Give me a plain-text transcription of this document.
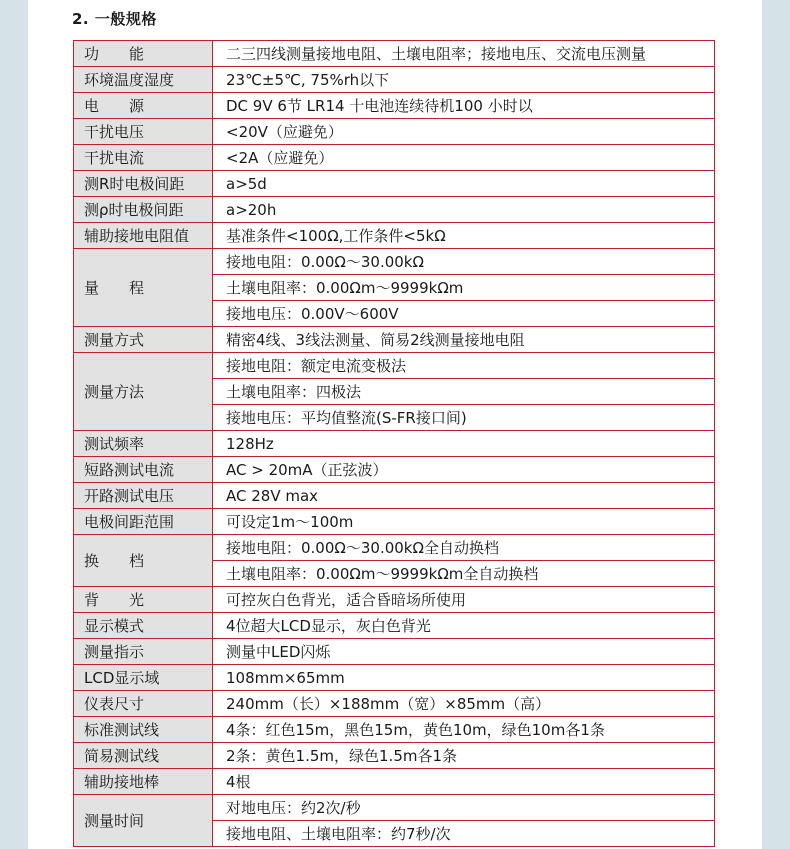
2. 一般规格
功　　能	二三四线测量接地电阻、土壤电阻率；接地电压、交流电压测量
环境温度湿度	23℃±5℃, 75%rh以下
电　　源	DC 9V 6节 LR14 十电池连续待机100 小时以
干扰电压	<20V（应避免）
干扰电流	<2A（应避免）
测R时电极间距	a>5d
测ρ时电极间距	a>20h
辅助接地电阻值	基准条件<100Ω,工作条件<5kΩ
量　　程	接地电阻：0.00Ω～30.00kΩ
	土壤电阻率：0.00Ωm～9999kΩm
	接地电压：0.00V～600V
测量方式	精密4线、3线法测量、简易2线测量接地电阻
测量方法	接地电阻：额定电流变极法
	土壤电阻率：四极法
	接地电压：平均值整流(S-FR接口间)
测试频率	128Hz
短路测试电流	AC > 20mA（正弦波）
开路测试电压	AC 28V max
电极间距范围	可设定1m～100m
换　　档	接地电阻：0.00Ω～30.00kΩ全自动换档
	土壤电阻率：0.00Ωm～9999kΩm全自动换档
背　　光	可控灰白色背光，适合昏暗场所使用
显示模式	4位超大LCD显示，灰白色背光
测量指示	测量中LED闪烁
LCD显示域	108mm×65mm
仪表尺寸	240mm（长）×188mm（宽）×85mm（高）
标准测试线	4条：红色15m，黑色15m，黄色10m，绿色10m各1条
简易测试线	2条：黄色1.5m，绿色1.5m各1条
辅助接地棒	4根
测量时间	对地电压：约2次/秒
	接地电阻、土壤电阻率：约7秒/次
